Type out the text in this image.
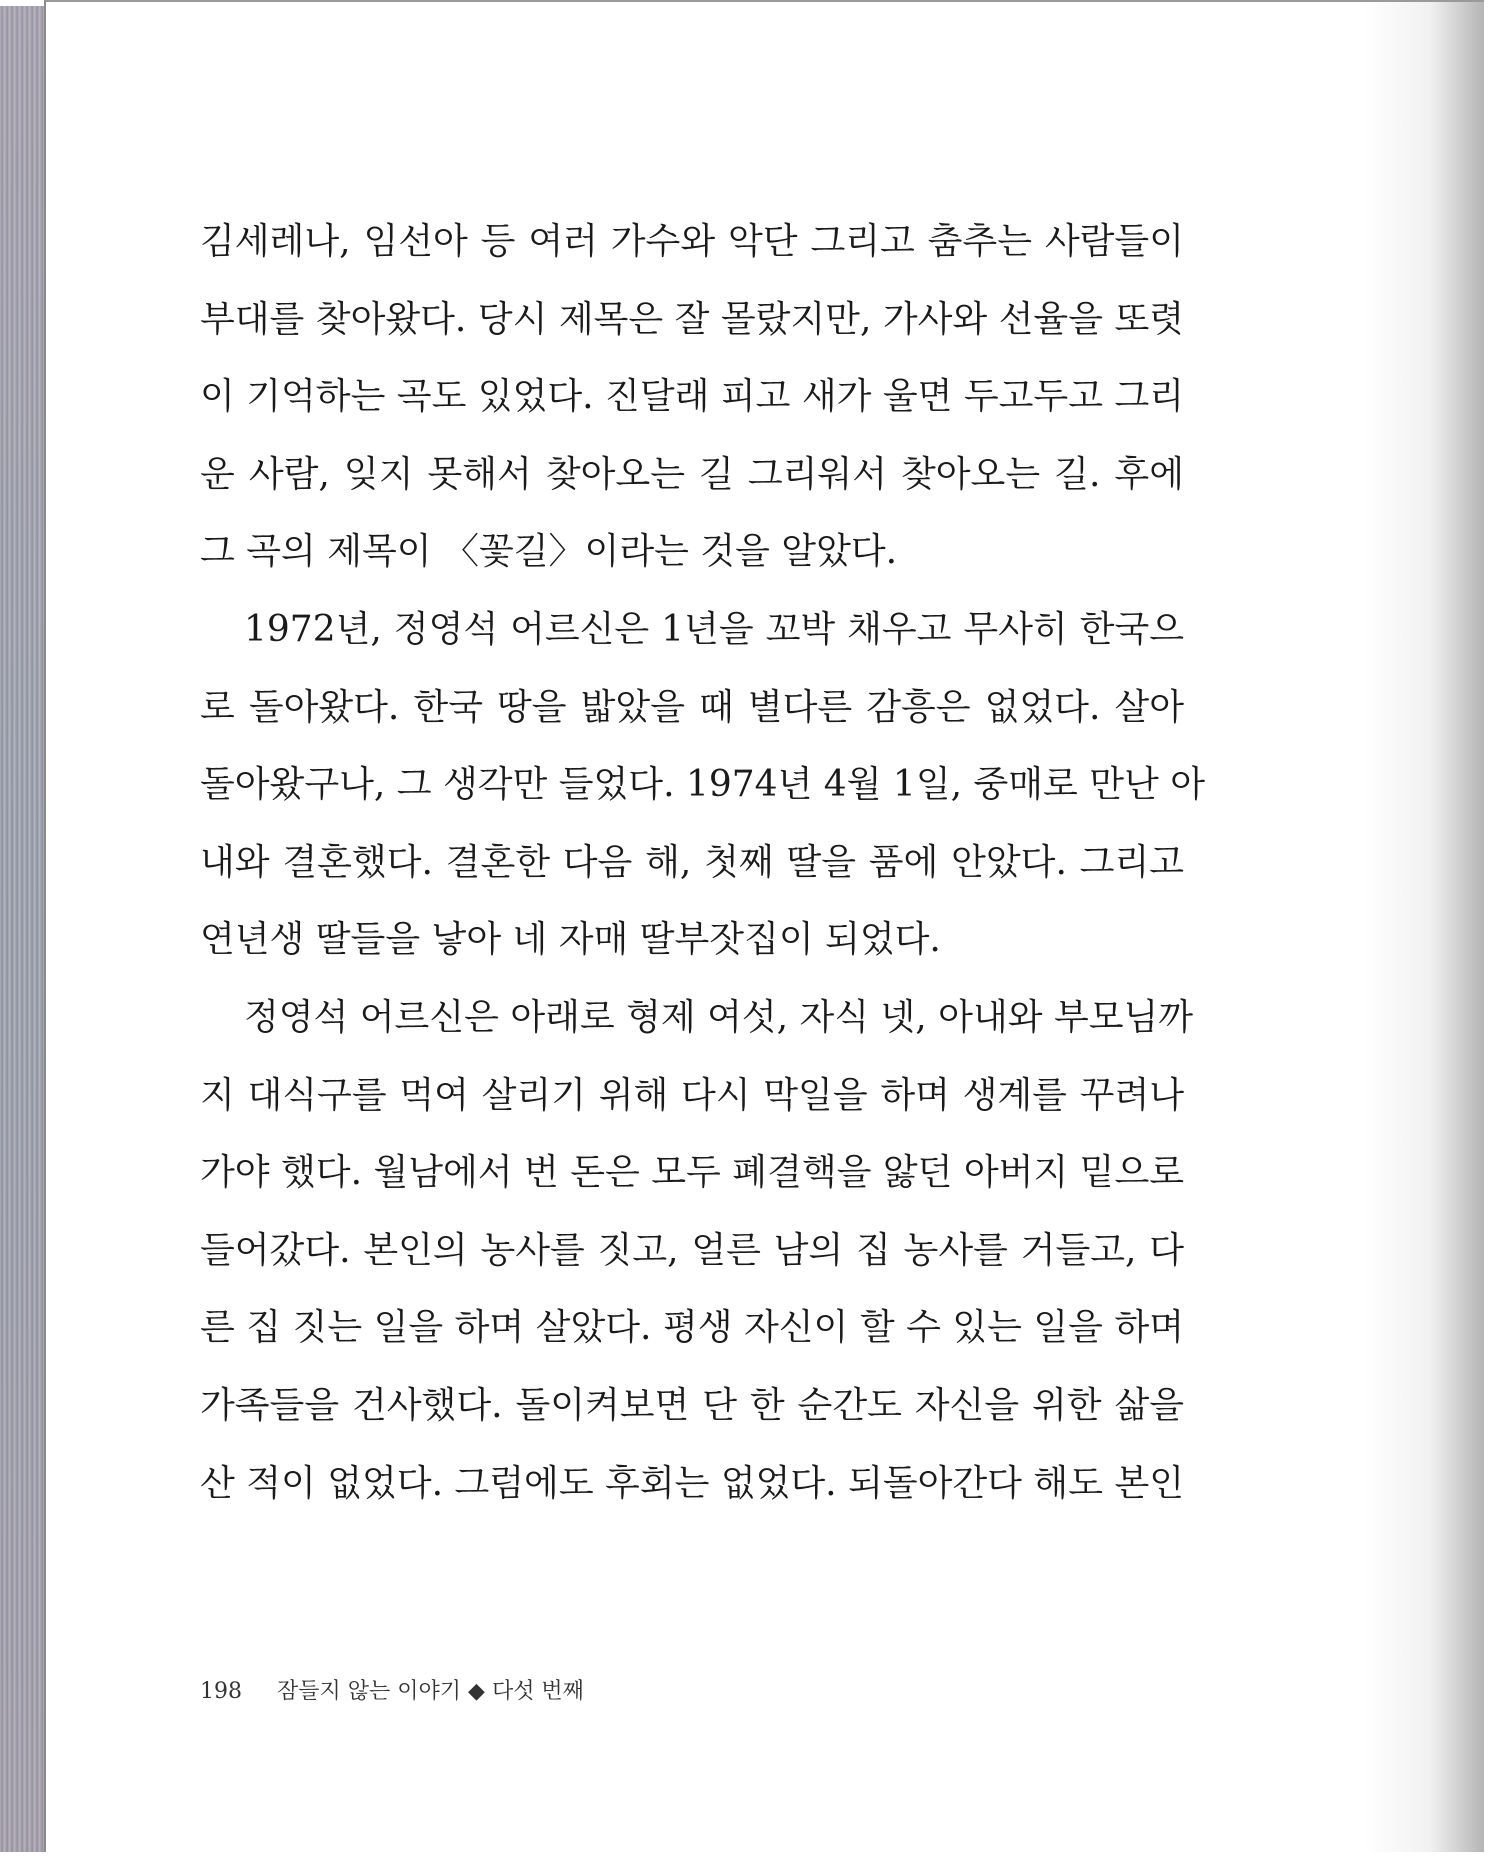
김세레나, 임선아 등 여러 가수와 악단 그리고 춤추는 사람들이
부대를 찾아왔다. 당시 제목은 잘 몰랐지만, 가사와 선율을 또렷
이 기억하는 곡도 있었다. 진달래 피고 새가 울면 두고두고 그리
운 사람, 잊지 못해서 찾아오는 길 그리워서 찾아오는 길. 후에
그 곡의 제목이 〈꽃길〉이라는 것을 알았다.
1972년, 정영석 어르신은 1년을 꼬박 채우고 무사히 한국으
로 돌아왔다. 한국 땅을 밟았을 때 별다른 감흥은 없었다. 살아
돌아왔구나, 그 생각만 들었다. 1974년 4월 1일, 중매로 만난 아
내와 결혼했다. 결혼한 다음 해, 첫째 딸을 품에 안았다. 그리고
연년생 딸들을 낳아 네 자매 딸부잣집이 되었다.
정영석 어르신은 아래로 형제 여섯, 자식 넷, 아내와 부모님까
지 대식구를 먹여 살리기 위해 다시 막일을 하며 생계를 꾸려나
가야 했다. 월남에서 번 돈은 모두 폐결핵을 앓던 아버지 밑으로
들어갔다. 본인의 농사를 짓고, 얼른 남의 집 농사를 거들고, 다
른 집 짓는 일을 하며 살았다. 평생 자신이 할 수 있는 일을 하며
가족들을 건사했다. 돌이켜보면 단 한 순간도 자신을 위한 삶을
산 적이 없었다. 그럼에도 후회는 없었다. 되돌아간다 해도 본인
198 잠들지 않는 이야기 ◆ 다섯 번째
